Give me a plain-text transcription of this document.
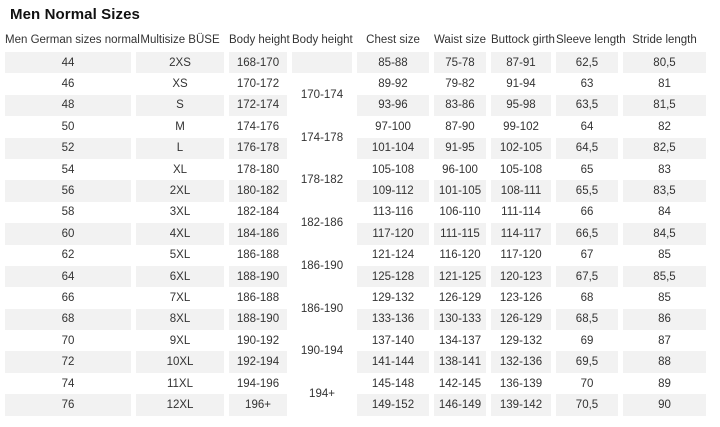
Men Normal Sizes
Men German sizes normal	Multisize BÜSE	Body height	Body height	Chest size	Waist size	Buttock girth	Sleeve length	Stride length
44	2XS	168-170		85-88	75-78	87-91	62,5	80,5
46	XS	170-172	170-174	89-92	79-82	91-94	63	81
48	S	172-174		93-96	83-86	95-98	63,5	81,5
50	M	174-176	174-178	97-100	87-90	99-102	64	82
52	L	176-178		101-104	91-95	102-105	64,5	82,5
54	XL	178-180	178-182	105-108	96-100	105-108	65	83
56	2XL	180-182		109-112	101-105	108-111	65,5	83,5
58	3XL	182-184	182-186	113-116	106-110	111-114	66	84
60	4XL	184-186		117-120	111-115	114-117	66,5	84,5
62	5XL	186-188	186-190	121-124	116-120	117-120	67	85
64	6XL	188-190		125-128	121-125	120-123	67,5	85,5
66	7XL	186-188	186-190	129-132	126-129	123-126	68	85
68	8XL	188-190		133-136	130-133	126-129	68,5	86
70	9XL	190-192	190-194	137-140	134-137	129-132	69	87
72	10XL	192-194		141-144	138-141	132-136	69,5	88
74	11XL	194-196	194+	145-148	142-145	136-139	70	89
76	12XL	196+		149-152	146-149	139-142	70,5	90
